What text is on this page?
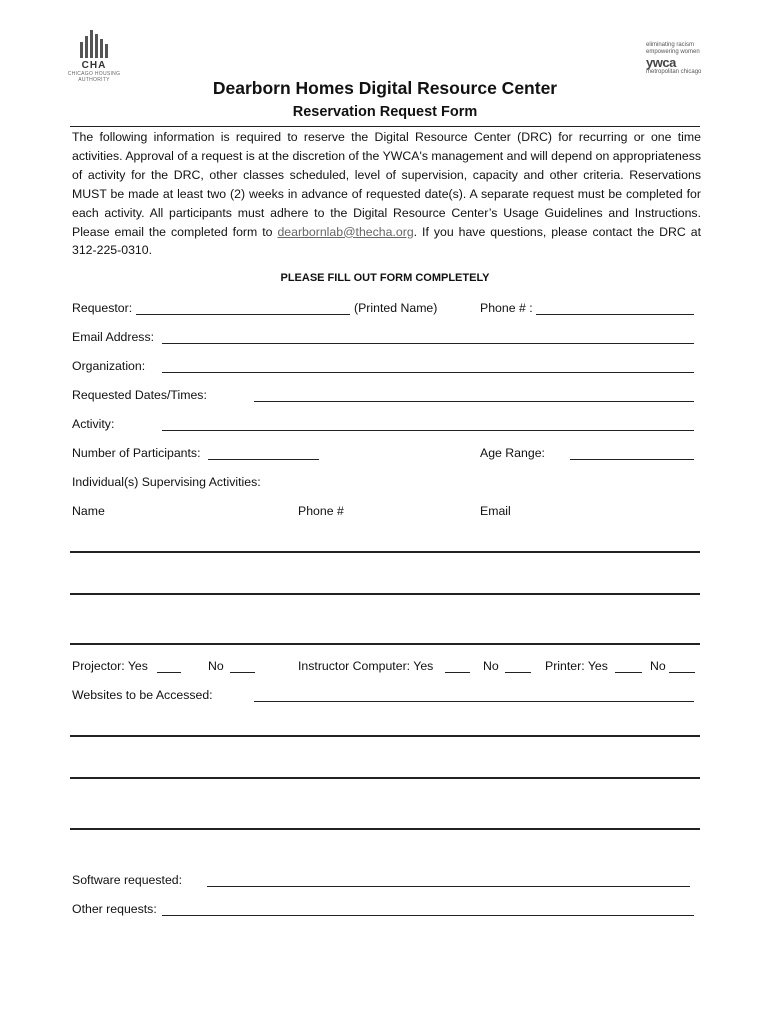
CHA
CHICAGO HOUSING
AUTHORITY
eliminating racism
empowering women
ywca
metropolitan chicago
Dearborn Homes Digital Resource Center
Reservation Request Form
The following information is required to reserve the Digital Resource Center (DRC) for recurring or one time activities. Approval of a request is at the discretion of the YWCA's management and will depend on appropriateness of activity for the DRC, other classes scheduled, level of supervision, capacity and other criteria. Reservations MUST be made at least two (2) weeks in advance of requested date(s). A separate request must be completed for each activity. All participants must adhere to the Digital Resource Center’s Usage Guidelines and Instructions. Please email the completed form to dearbornlab@thecha.org. If you have questions, please contact the DRC at 312-225-0310.
PLEASE FILL OUT FORM COMPLETELY
Requestor:	(Printed Name)	Phone # :
Email Address:
Organization:
Requested Dates/Times:
Activity:
Number of Participants:	Age Range:
Individual(s) Supervising Activities:
Name	Phone #	Email
Projector: Yes	No	Instructor Computer: Yes	No	Printer: Yes	No
Websites to be Accessed:
Software requested:
Other requests:
